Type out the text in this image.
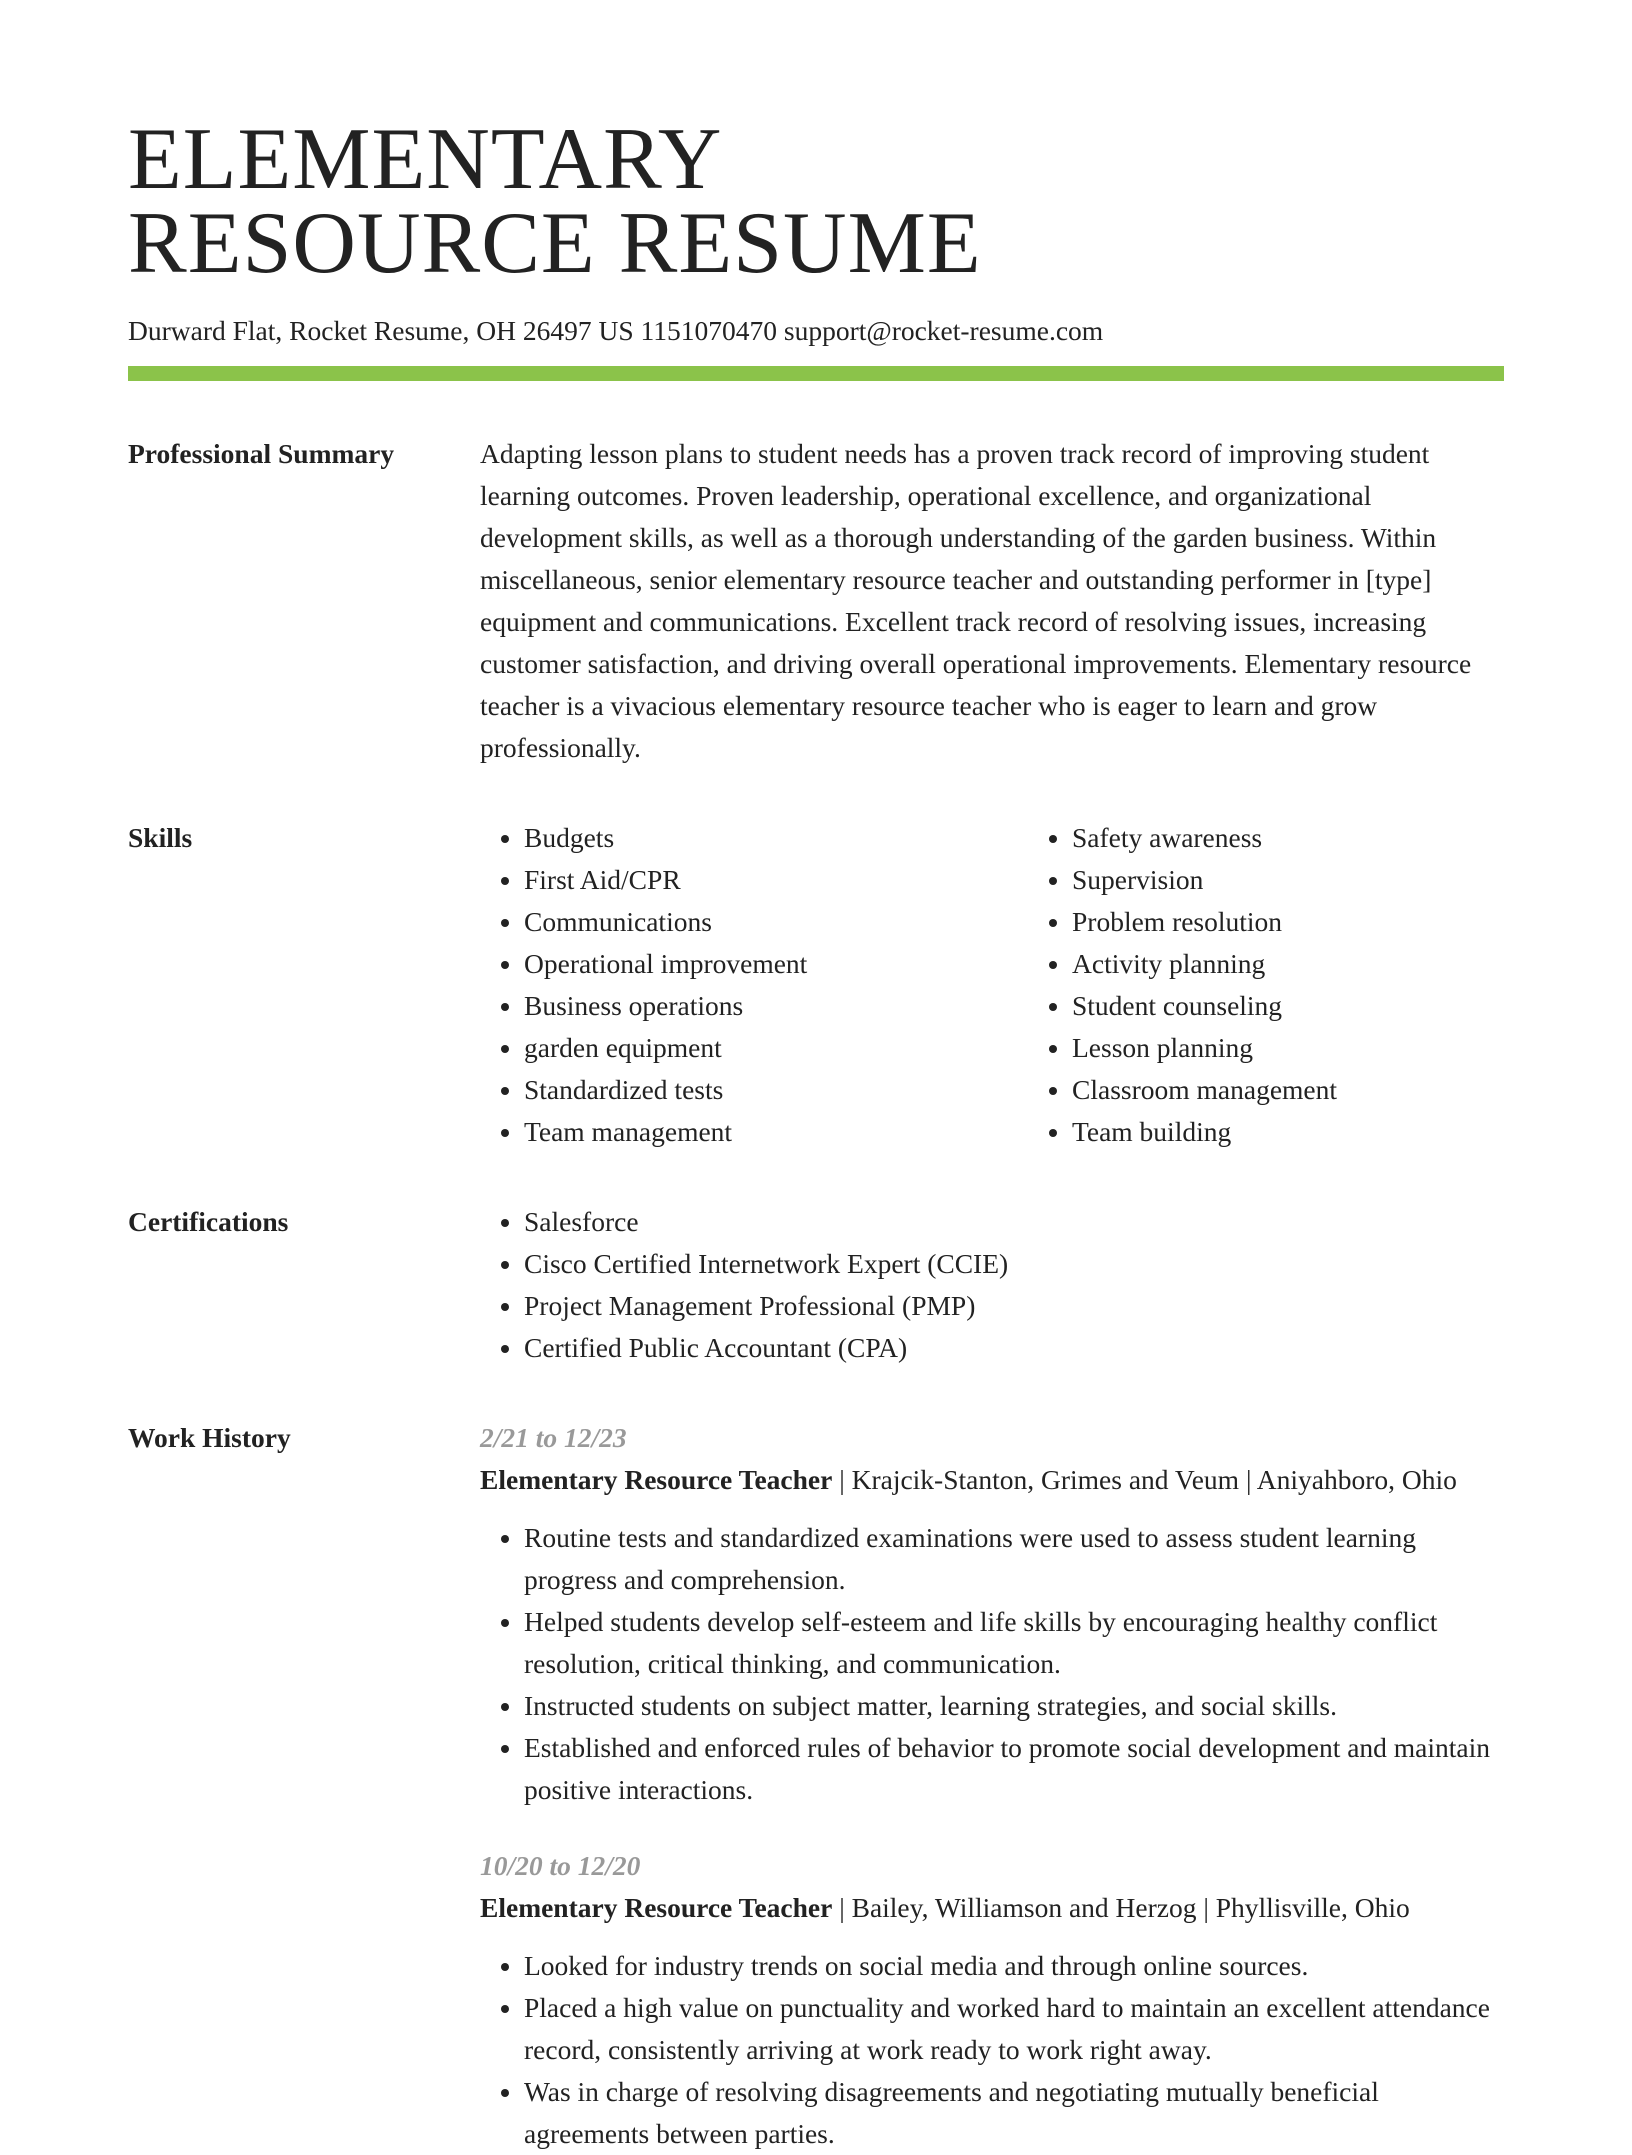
ELEMENTARY
RESOURCE RESUME
Durward Flat, Rocket Resume, OH 26497 US 1151070470 support@rocket-resume.com
Professional Summary	Adapting lesson plans to student needs has a proven track record of improving student learning outcomes. Proven leadership, operational excellence, and organizational development skills, as well as a thorough understanding of the garden business. Within miscellaneous, senior elementary resource teacher and outstanding performer in [type] equipment and communications. Excellent track record of resolving issues, increasing customer satisfaction, and driving overall operational improvements. Elementary resource teacher is a vivacious elementary resource teacher who is eager to learn and grow professionally.

Skills	• Budgets
• First Aid/CPR
• Communications
• Operational improvement
• Business operations
• garden equipment
• Standardized tests
• Team management
• Safety awareness
• Supervision
• Problem resolution
• Activity planning
• Student counseling
• Lesson planning
• Classroom management
• Team building
Certifications	• Salesforce
• Cisco Certified Internetwork Expert (CCIE)
• Project Management Professional (PMP)
• Certified Public Accountant (CPA)
Work History	2/21 to 12/23
Elementary Resource Teacher | Krajcik-Stanton, Grimes and Veum | Aniyahboro, Ohio
• Routine tests and standardized examinations were used to assess student learning progress and comprehension.
• Helped students develop self-esteem and life skills by encouraging healthy conflict resolution, critical thinking, and communication.
• Instructed students on subject matter, learning strategies, and social skills.
• Established and enforced rules of behavior to promote social development and maintain positive interactions.
10/20 to 12/20
Elementary Resource Teacher | Bailey, Williamson and Herzog | Phyllisville, Ohio
• Looked for industry trends on social media and through online sources.
• Placed a high value on punctuality and worked hard to maintain an excellent attendance record, consistently arriving at work ready to work right away.
• Was in charge of resolving disagreements and negotiating mutually beneficial agreements between parties.
